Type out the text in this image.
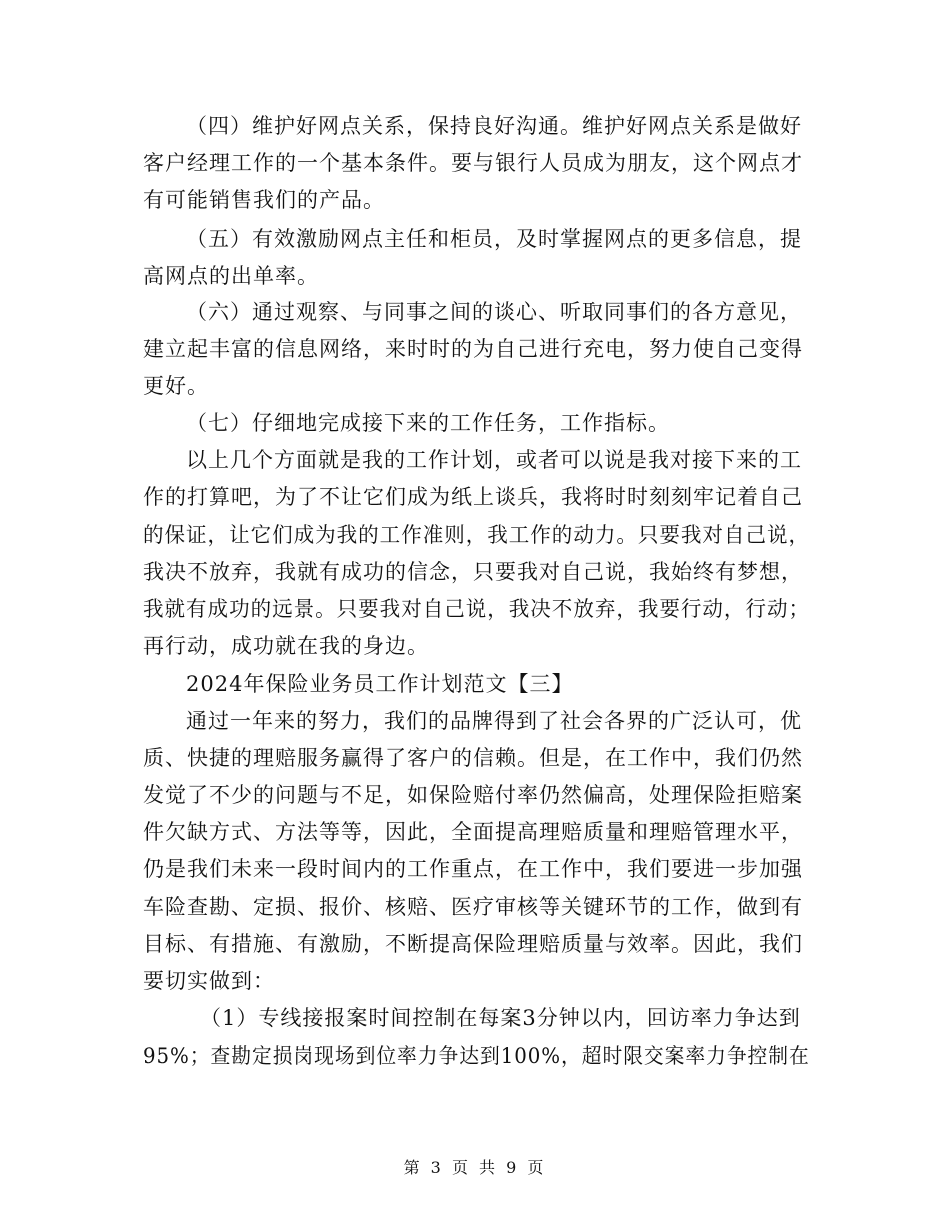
（四）维护好网点关系，保持良好沟通。维护好网点关系是做好
客户经理工作的一个基本条件。要与银行人员成为朋友，这个网点才
有可能销售我们的产品。
（五）有效激励网点主任和柜员，及时掌握网点的更多信息，提
高网点的出单率。
（六）通过观察、与同事之间的谈心、听取同事们的各方意见，
建立起丰富的信息网络，来时时的为自己进行充电，努力使自己变得
更好。
（七）仔细地完成接下来的工作任务，工作指标。
以上几个方面就是我的工作计划，或者可以说是我对接下来的工
作的打算吧，为了不让它们成为纸上谈兵，我将时时刻刻牢记着自己
的保证，让它们成为我的工作准则，我工作的动力。只要我对自己说，
我决不放弃，我就有成功的信念，只要我对自己说，我始终有梦想，
我就有成功的远景。只要我对自己说，我决不放弃，我要行动，行动；
再行动，成功就在我的身边。
2024年保险业务员工作计划范文【三】
通过一年来的努力，我们的品牌得到了社会各界的广泛认可，优
质、快捷的理赔服务赢得了客户的信赖。但是，在工作中，我们仍然
发觉了不少的问题与不足，如保险赔付率仍然偏高，处理保险拒赔案
件欠缺方式、方法等等，因此，全面提高理赔质量和理赔管理水平，
仍是我们未来一段时间内的工作重点，在工作中，我们要进一步加强
车险查勘、定损、报价、核赔、医疗审核等关键环节的工作，做到有
目标、有措施、有激励，不断提高保险理赔质量与效率。因此，我们
要切实做到：
（1）专线接报案时间控制在每案3分钟以内，回访率力争达到
95%；查勘定损岗现场到位率力争达到100%，超时限交案率力争控制在
第 3 页 共 9 页
